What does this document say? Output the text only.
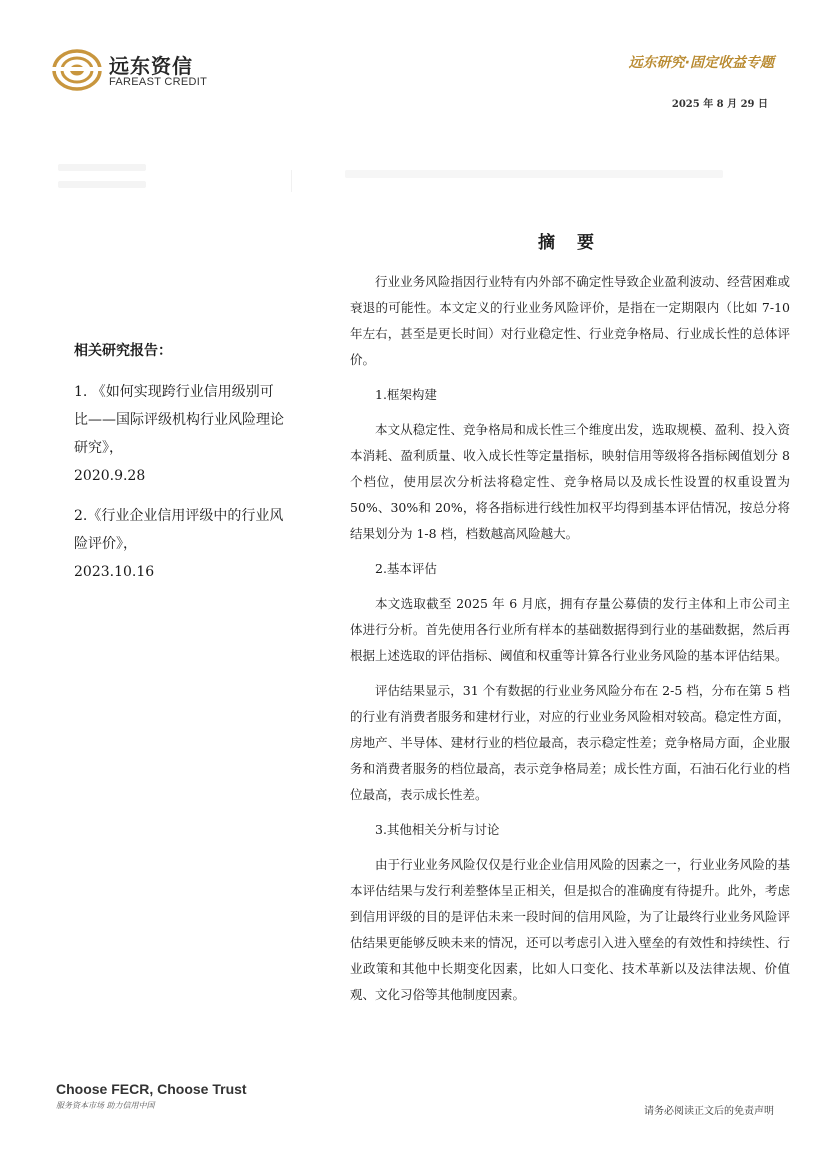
远东资信
FAREAST CREDIT
远东研究·固定收益专题
2025 年 8 月 29 日
相关研究报告：
1. 《如何实现跨行业信用级别可比——国际评级机构行业风险理论研究》，
2020.9.28
2.《行业企业信用评级中的行业风险评价》，
2023.10.16
摘 要

行业业务风险指因行业特有内外部不确定性导致企业盈利波动、经营困难或衰退的可能性。本文定义的行业业务风险评价，是指在一定期限内（比如 7-10 年左右，甚至是更长时间）对行业稳定性、行业竞争格局、行业成长性的总体评价。

1.框架构建

本文从稳定性、竞争格局和成长性三个维度出发，选取规模、盈利、投入资本消耗、盈利质量、收入成长性等定量指标，映射信用等级将各指标阈值划分 8 个档位，使用层次分析法将稳定性、竞争格局以及成长性设置的权重设置为 50%、30%和 20%，将各指标进行线性加权平均得到基本评估情况，按总分将结果划分为 1-8 档，档数越高风险越大。

2.基本评估

本文选取截至 2025 年 6 月底，拥有存量公募债的发行主体和上市公司主体进行分析。首先使用各行业所有样本的基础数据得到行业的基础数据，然后再根据上述选取的评估指标、阈值和权重等计算各行业业务风险的基本评估结果。

评估结果显示，31 个有数据的行业业务风险分布在 2-5 档，分布在第 5 档的行业有消费者服务和建材行业，对应的行业业务风险相对较高。稳定性方面，房地产、半导体、建材行业的档位最高，表示稳定性差；竞争格局方面，企业服务和消费者服务的档位最高，表示竞争格局差；成长性方面，石油石化行业的档位最高，表示成长性差。

3.其他相关分析与讨论

由于行业业务风险仅仅是行业企业信用风险的因素之一，行业业务风险的基本评估结果与发行利差整体呈正相关，但是拟合的准确度有待提升。此外，考虑到信用评级的目的是评估未来一段时间的信用风险，为了让最终行业业务风险评估结果更能够反映未来的情况，还可以考虑引入进入壁垒的有效性和持续性、行业政策和其他中长期变化因素，比如人口变化、技术革新以及法律法规、价值观、文化习俗等其他制度因素。

Choose FECR, Choose Trust
服务资本市场 助力信用中国
请务必阅读正文后的免责声明
